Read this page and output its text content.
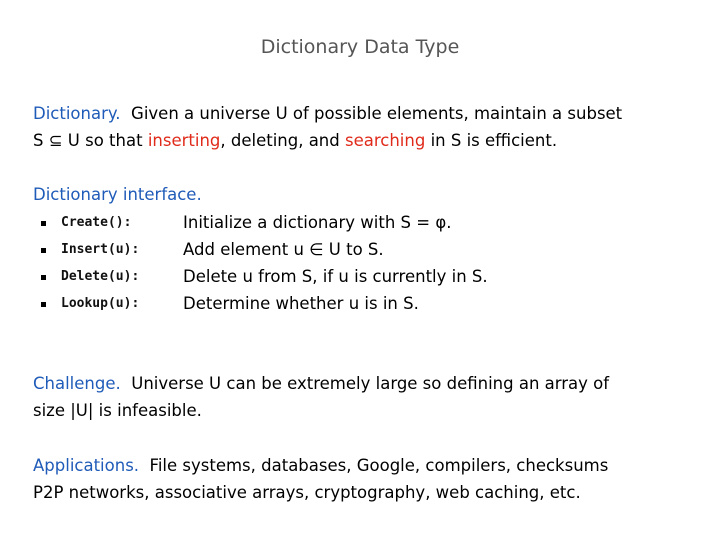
Dictionary Data Type
Dictionary. Given a universe U of possible elements, maintain a subset
S ⊆ U so that inserting, deleting, and searching in S is efficient.
Dictionary interface.
Create():	Initialize a dictionary with S = φ.
Insert(u):	Add element u ∈ U to S.
Delete(u):	Delete u from S, if u is currently in S.
Lookup(u):	Determine whether u is in S.
Challenge. Universe U can be extremely large so defining an array of
size |U| is infeasible.
Applications. File systems, databases, Google, compilers, checksums
P2P networks, associative arrays, cryptography, web caching, etc.
